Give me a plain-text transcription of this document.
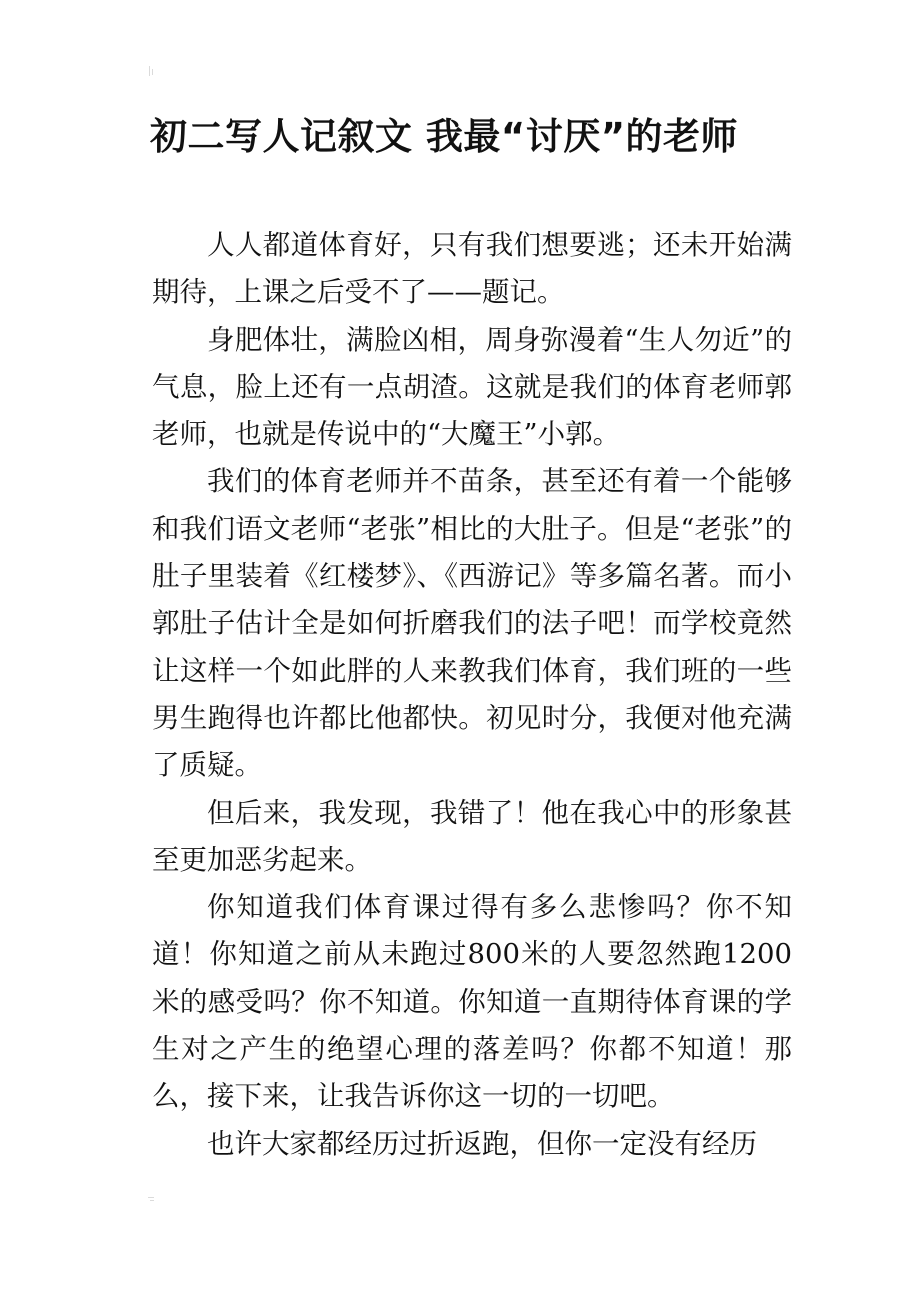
初二写人记叙文 我最“讨厌”的老师

人人都道体育好，只有我们想要逃；还未开始满期待，上课之后受不了——题记。

身肥体壮，满脸凶相，周身弥漫着“生人勿近”的气息，脸上还有一点胡渣。这就是我们的体育老师郭老师，也就是传说中的“大魔王”小郭。

我们的体育老师并不苗条，甚至还有着一个能够和我们语文老师“老张”相比的大肚子。但是“老张”的肚子里装着《红楼梦》、《西游记》等多篇名著。而小郭肚子估计全是如何折磨我们的法子吧！而学校竟然让这样一个如此胖的人来教我们体育，我们班的一些男生跑得也许都比他都快。初见时分，我便对他充满了质疑。

但后来，我发现，我错了！他在我心中的形象甚至更加恶劣起来。

你知道我们体育课过得有多么悲惨吗？你不知道！你知道之前从未跑过800米的人要忽然跑1200米的感受吗？你不知道。你知道一直期待体育课的学生对之产生的绝望心理的落差吗？你都不知道！那么，接下来，让我告诉你这一切的一切吧。

也许大家都经历过折返跑，但你一定没有经历
